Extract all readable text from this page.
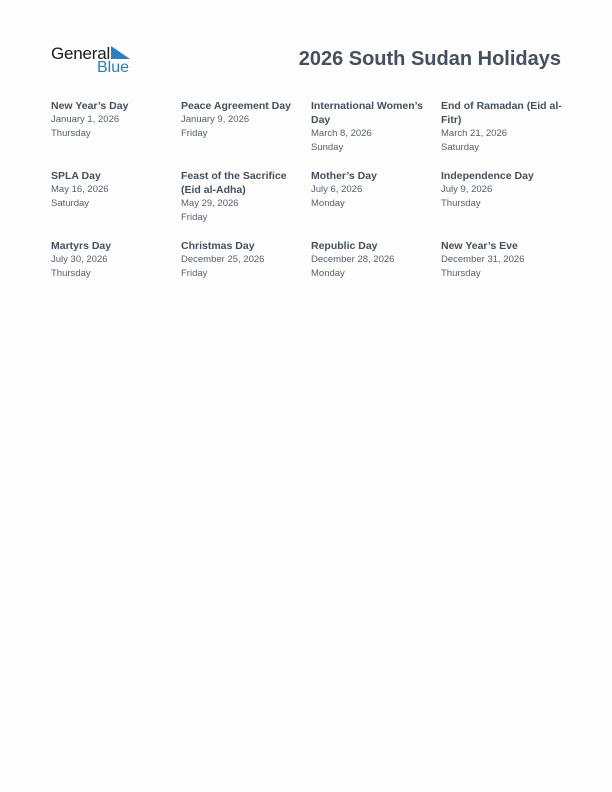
General
Blue	2026 South Sudan Holidays
New Year’s Day
January 1, 2026
Thursday
Peace Agreement Day
January 9, 2026
Friday
International Women’s Day
March 8, 2026
Sunday
End of Ramadan (Eid al-Fitr)
March 21, 2026
Saturday
SPLA Day
May 16, 2026
Saturday
Feast of the Sacrifice (Eid al-Adha)
May 29, 2026
Friday
Mother’s Day
July 6, 2026
Monday
Independence Day
July 9, 2026
Thursday
Martyrs Day
July 30, 2026
Thursday
Christmas Day
December 25, 2026
Friday
Republic Day
December 28, 2026
Monday
New Year’s Eve
December 31, 2026
Thursday
